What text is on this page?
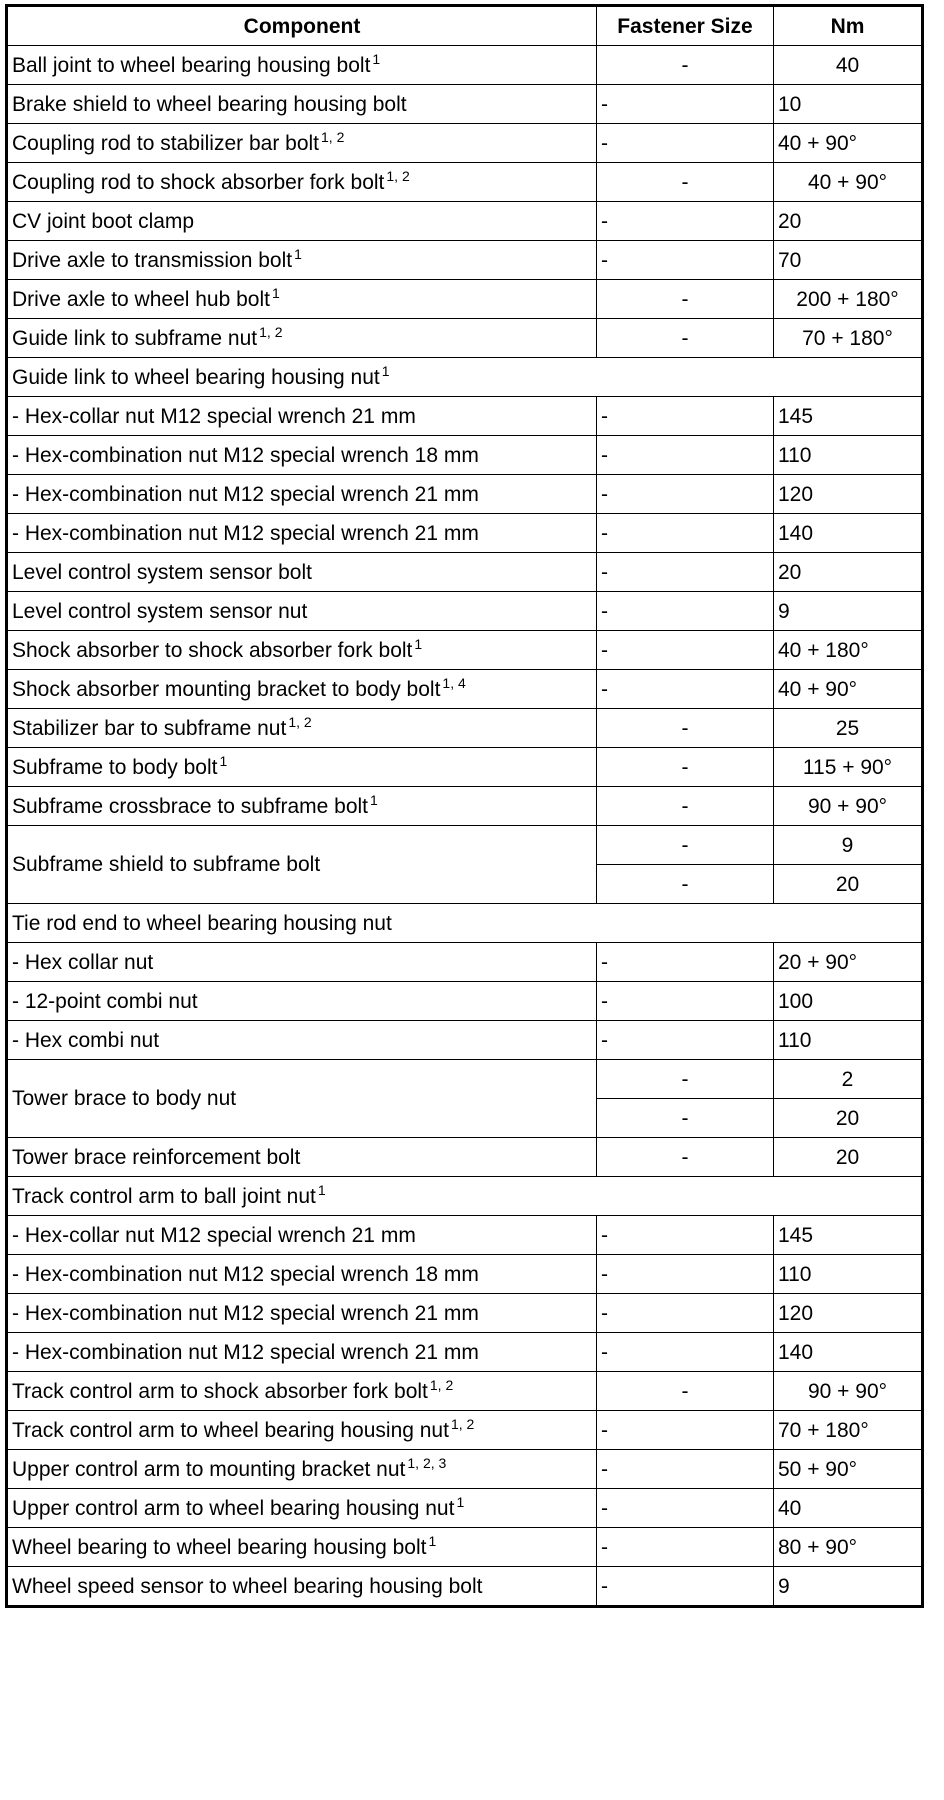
Component	Fastener Size	Nm
Ball joint to wheel bearing housing bolt $^1$	-	40
Brake shield to wheel bearing housing bolt	-	10
Coupling rod to stabilizer bar bolt $^{1, 2}$	-	40 + 90°
Coupling rod to shock absorber fork bolt $^{1, 2}$	-	40 + 90°
CV joint boot clamp	-	20
Drive axle to transmission bolt $^1$	-	70
Drive axle to wheel hub bolt $^1$	-	200 + 180°
Guide link to subframe nut $^{1, 2}$	-	70 + 180°
Guide link to wheel bearing housing nut $^1$
- Hex-collar nut M12 special wrench 21 mm	-	145
- Hex-combination nut M12 special wrench 18 mm	-	110
- Hex-combination nut M12 special wrench 21 mm	-	120
- Hex-combination nut M12 special wrench 21 mm	-	140
Level control system sensor bolt	-	20
Level control system sensor nut	-	9
Shock absorber to shock absorber fork bolt $^1$	-	40 + 180°
Shock absorber mounting bracket to body bolt $^{1, 4}$	-	40 + 90°
Stabilizer bar to subframe nut $^{1, 2}$	-	25
Subframe to body bolt $^1$	-	115 + 90°
Subframe crossbrace to subframe bolt $^1$	-	90 + 90°
Subframe shield to subframe bolt	-	9
	-	20
Tie rod end to wheel bearing housing nut		
- Hex collar nut	-	20 + 90°
- 12-point combi nut	-	100
- Hex combi nut	-	110
Tower brace to body nut	-	2
	-	20
Tower brace reinforcement bolt	-	20
Track control arm to ball joint nut $^1$
- Hex-collar nut M12 special wrench 21 mm	-	145
- Hex-combination nut M12 special wrench 18 mm	-	110
- Hex-combination nut M12 special wrench 21 mm	-	120
- Hex-combination nut M12 special wrench 21 mm	-	140
Track control arm to shock absorber fork bolt $^{1, 2}$	-	90 + 90°
Track control arm to wheel bearing housing nut $^{1, 2}$	-	70 + 180°
Upper control arm to mounting bracket nut $^{1, 2, 3}$	-	50 + 90°
Upper control arm to wheel bearing housing nut $^1$	-	40
Wheel bearing to wheel bearing housing bolt $^1$	-	80 + 90°
Wheel speed sensor to wheel bearing housing bolt	-	9
